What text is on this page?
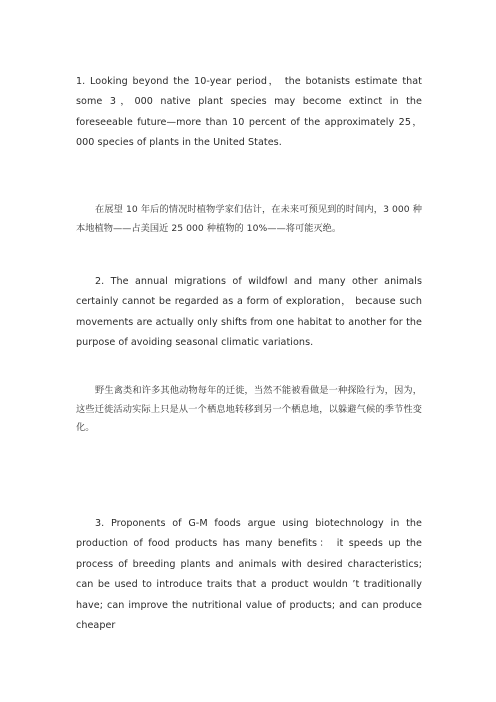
1. Looking beyond the 10-year period， the botanists estimate that some 3，000 native plant species may become extinct in the foreseeable future—more than 10 percent of the approximately 25，000 species of plants in the United States.

在展望 10 年后的情况时植物学家们估计，在未来可预见到的时间内，3 000 种本地植物——占美国近 25 000 种植物的 10%——将可能灭绝。

2. The annual migrations of wildfowl and many other animals certainly cannot be regarded as a form of exploration， because such movements are actually only shifts from one habitat to another for the purpose of avoiding seasonal climatic variations.

野生禽类和许多其他动物每年的迁徙，当然不能被看做是一种探险行为，因为，这些迁徙活动实际上只是从一个栖息地转移到另一个栖息地，以躲避气候的季节性变化。

3. Proponents of G-M foods argue using biotechnology in the production of food products has many benefits： it speeds up the process of breeding plants and animals with desired characteristics; can be used to introduce traits that a product wouldn ’t traditionally have; can improve the nutritional value of products; and can produce cheaper
